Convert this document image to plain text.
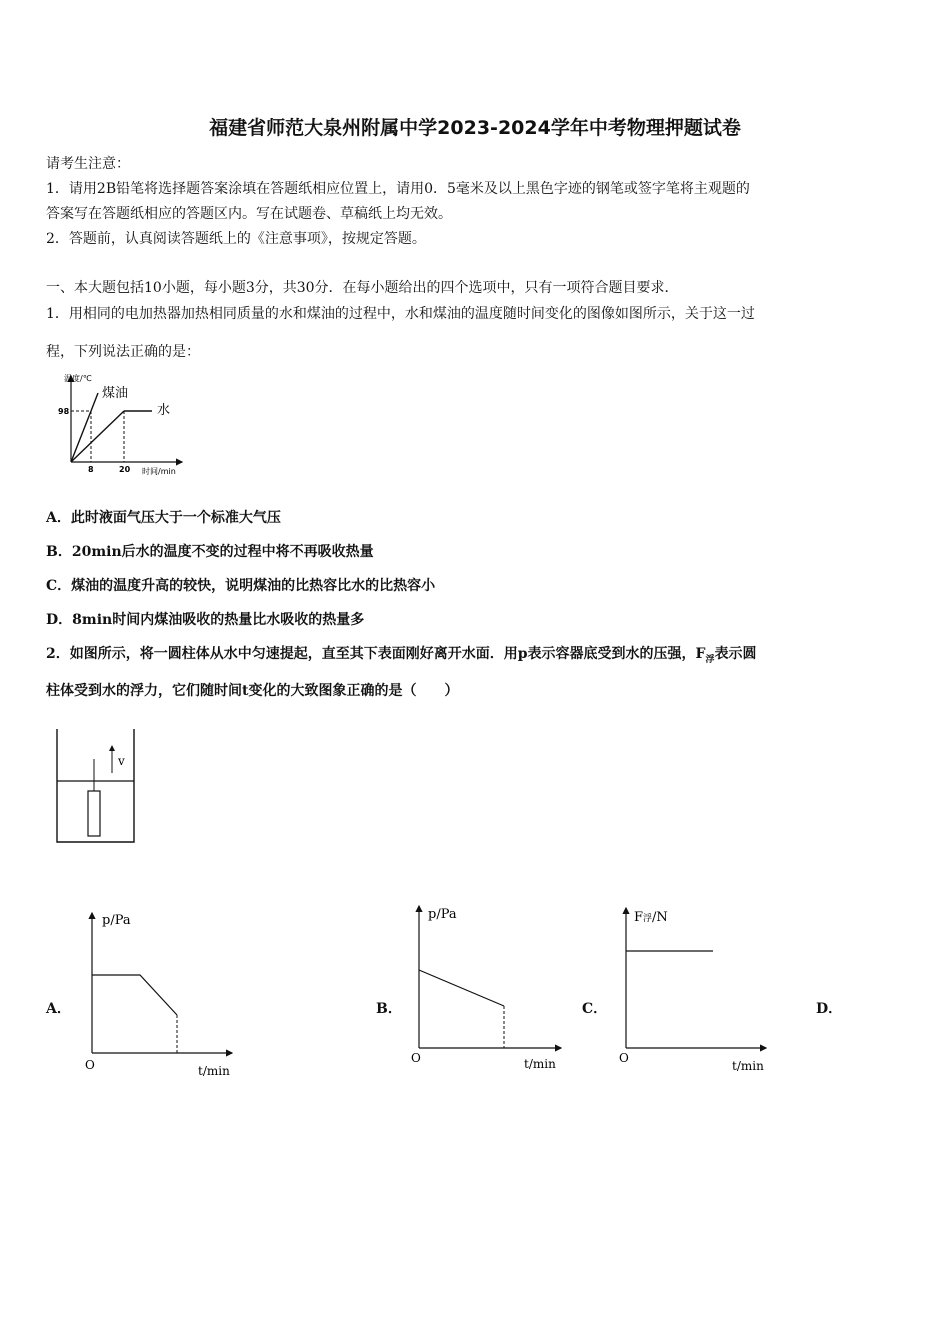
福建省师范大泉州附属中学2023-2024学年中考物理押题试卷
请考生注意：
1．请用2B铅笔将选择题答案涂填在答题纸相应位置上，请用0．5毫米及以上黑色字迹的钢笔或签字笔将主观题的
答案写在答题纸相应的答题区内。写在试题卷、草稿纸上均无效。
2．答题前，认真阅读答题纸上的《注意事项》，按规定答题。
一、本大题包括10小题，每小题3分，共30分．在每小题给出的四个选项中，只有一项符合题目要求．
1．用相同的电加热器加热相同质量的水和煤油的过程中，水和煤油的温度随时间变化的图像如图所示，关于这一过
程，下列说法正确的是：
温度/℃
时间/min
98
8	20
煤油
水
A．此时液面气压大于一个标准大气压
B．20min后水的温度不变的过程中将不再吸收热量
C．煤油的温度升高的较快，说明煤油的比热容比水的比热容小
D．8min时间内煤油吸收的热量比水吸收的热量多
2．如图所示，将一圆柱体从水中匀速提起，直至其下表面刚好离开水面．用p表示容器底受到水的压强，$F_浮$表示圆
柱体受到水的浮力，它们随时间t变化的大致图象正确的是（　　）
v
A．
p/Pa
t/min
O
B．
p/Pa
t/min
O
C．
F浮/N
t/min
O
D．
